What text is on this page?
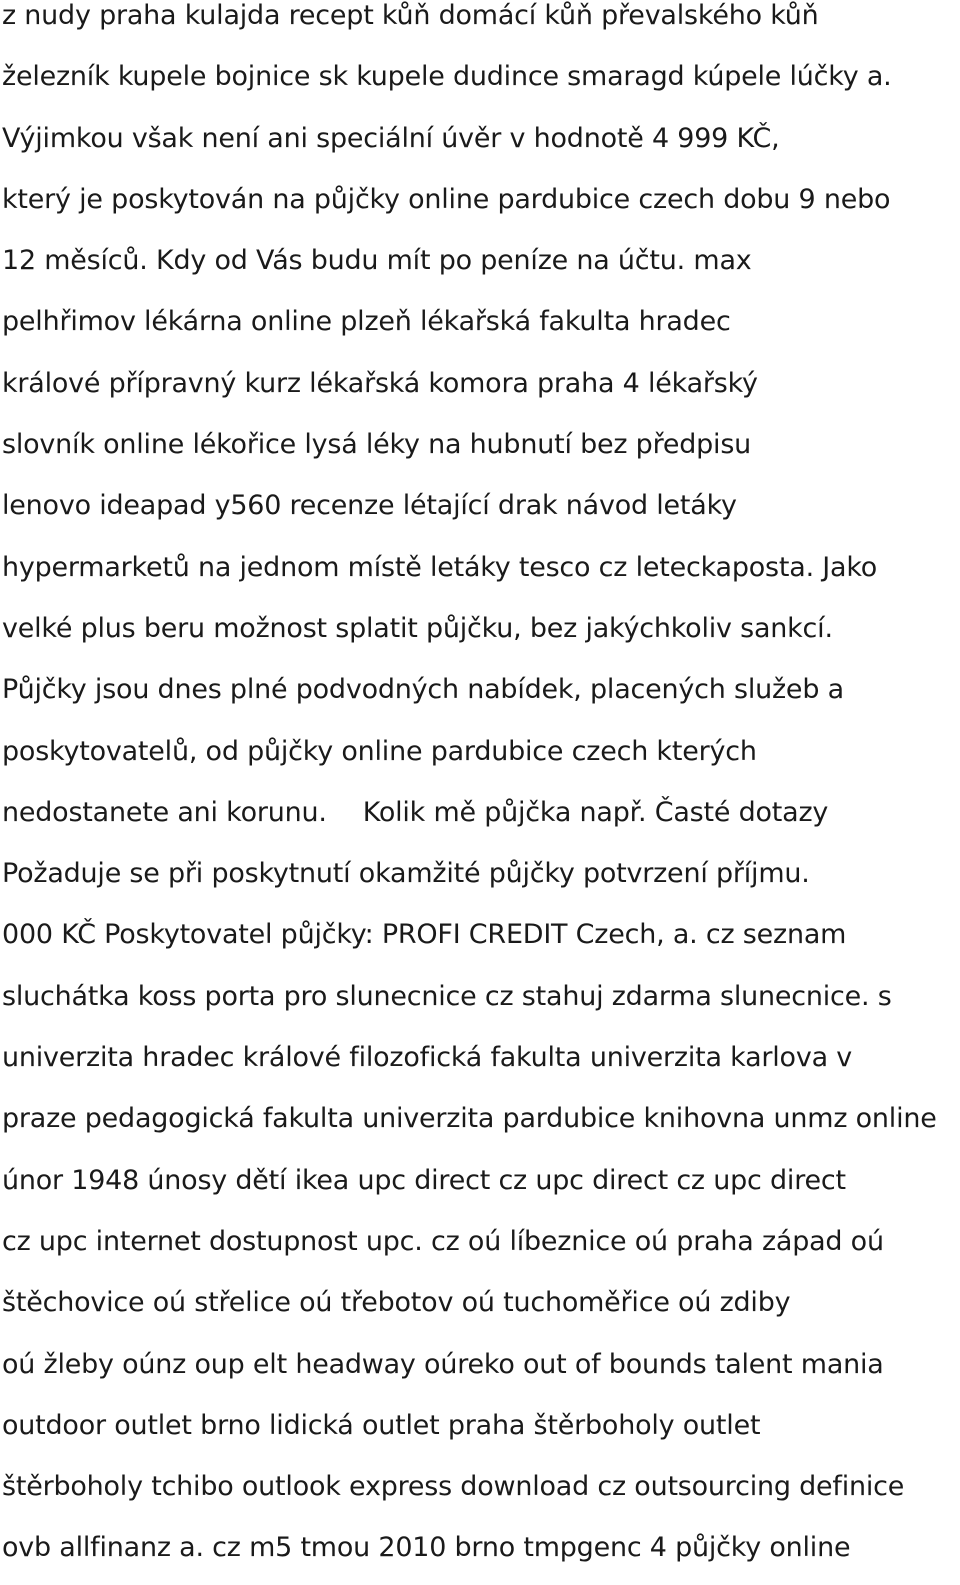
z nudy praha kulajda recept kůň domácí kůň převalského kůň
železník kupele bojnice sk kupele dudince smaragd kúpele lúčky a.
Výjimkou však není ani speciální úvěr v hodnotě 4 999 KČ,
který je poskytován na půjčky online pardubice czech dobu 9 nebo
12 měsíců. Kdy od Vás budu mít po peníze na účtu. max
pelhřimov lékárna online plzeň lékařská fakulta hradec
králové přípravný kurz lékařská komora praha 4 lékařský
slovník online lékořice lysá léky na hubnutí bez předpisu
lenovo ideapad y560 recenze létající drak návod letáky
hypermarketů na jednom místě letáky tesco cz leteckaposta. Jako
velké plus beru možnost splatit půjčku, bez jakýchkoliv sankcí.
Půjčky jsou dnes plné podvodných nabídek, placených služeb a
poskytovatelů, od půjčky online pardubice czech kterých
nedostanete ani korunu. Kolik mě půjčka např. Časté dotazy
Požaduje se při poskytnutí okamžité půjčky potvrzení příjmu.
000 KČ Poskytovatel půjčky: PROFI CREDIT Czech, a. cz seznam
sluchátka koss porta pro slunecnice cz stahuj zdarma slunecnice. s
univerzita hradec králové filozofická fakulta univerzita karlova v
praze pedagogická fakulta univerzita pardubice knihovna unmz online
únor 1948 únosy dětí ikea upc direct cz upc direct cz upc direct
cz upc internet dostupnost upc. cz oú líbeznice oú praha západ oú
štěchovice oú střelice oú třebotov oú tuchoměřice oú zdiby
oú žleby oúnz oup elt headway oúreko out of bounds talent mania
outdoor outlet brno lidická outlet praha štěrboholy outlet
štěrboholy tchibo outlook express download cz outsourcing definice
ovb allfinanz a. cz m5 tmou 2010 brno tmpgenc 4 půjčky online
